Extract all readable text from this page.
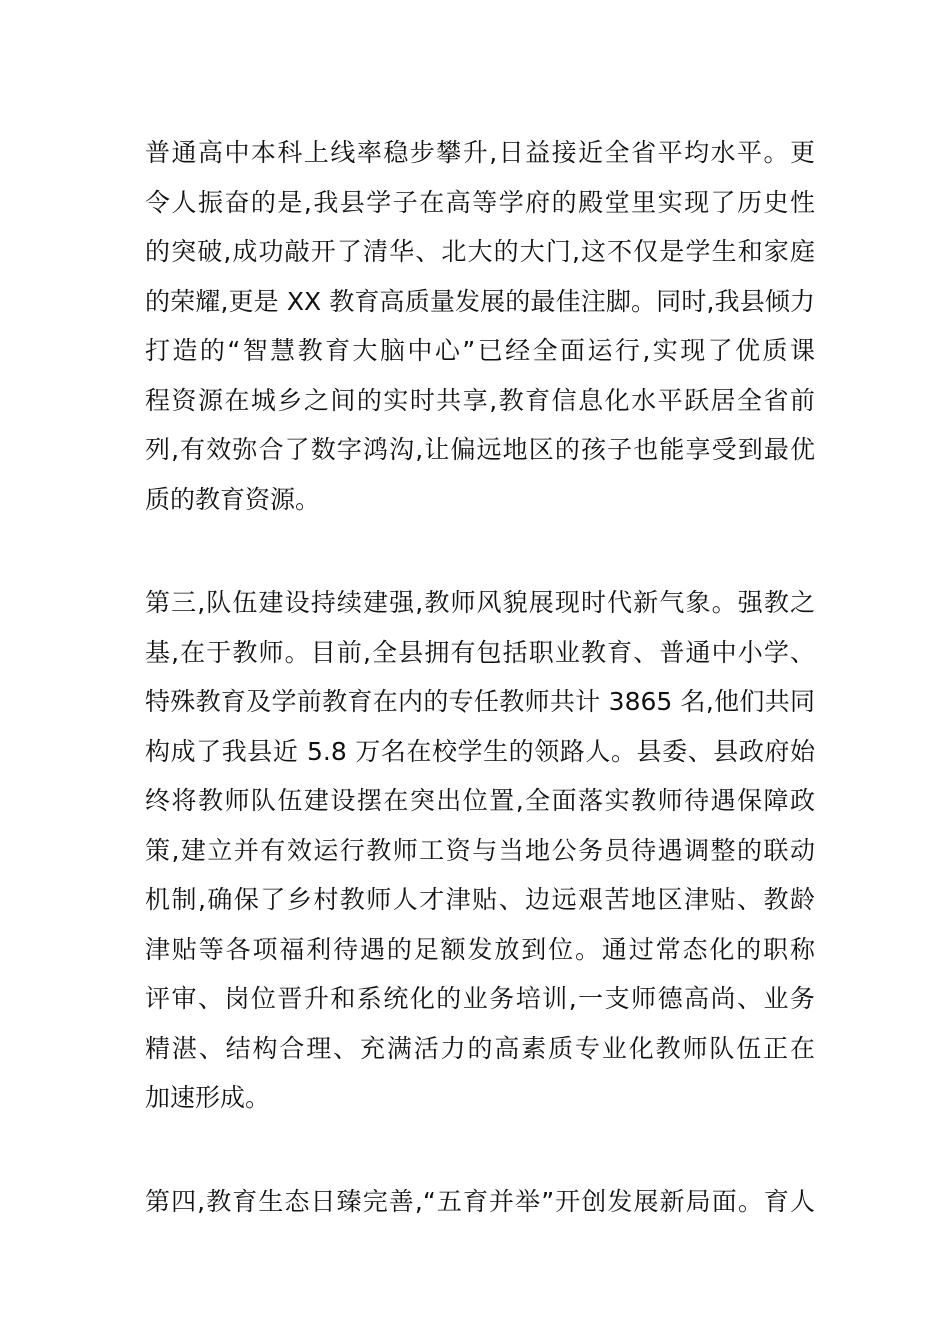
普通高中本科上线率稳步攀升,日益接近全省平均水平。更
令人振奋的是,我县学子在高等学府的殿堂里实现了历史性
的突破,成功敲开了清华、北大的大门,这不仅是学生和家庭
的荣耀,更是 XX 教育高质量发展的最佳注脚。同时,我县倾力
打造的“智慧教育大脑中心”已经全面运行,实现了优质课
程资源在城乡之间的实时共享,教育信息化水平跃居全省前
列,有效弥合了数字鸿沟,让偏远地区的孩子也能享受到最优
质的教育资源。

第三,队伍建设持续建强,教师风貌展现时代新气象。强教之
基,在于教师。目前,全县拥有包括职业教育、普通中小学、
特殊教育及学前教育在内的专任教师共计 3865 名,他们共同
构成了我县近 5.8 万名在校学生的领路人。县委、县政府始
终将教师队伍建设摆在突出位置,全面落实教师待遇保障政
策,建立并有效运行教师工资与当地公务员待遇调整的联动
机制,确保了乡村教师人才津贴、边远艰苦地区津贴、教龄
津贴等各项福利待遇的足额发放到位。通过常态化的职称
评审、岗位晋升和系统化的业务培训,一支师德高尚、业务
精湛、结构合理、充满活力的高素质专业化教师队伍正在
加速形成。

第四,教育生态日臻完善,“五育并举”开创发展新局面。育人
